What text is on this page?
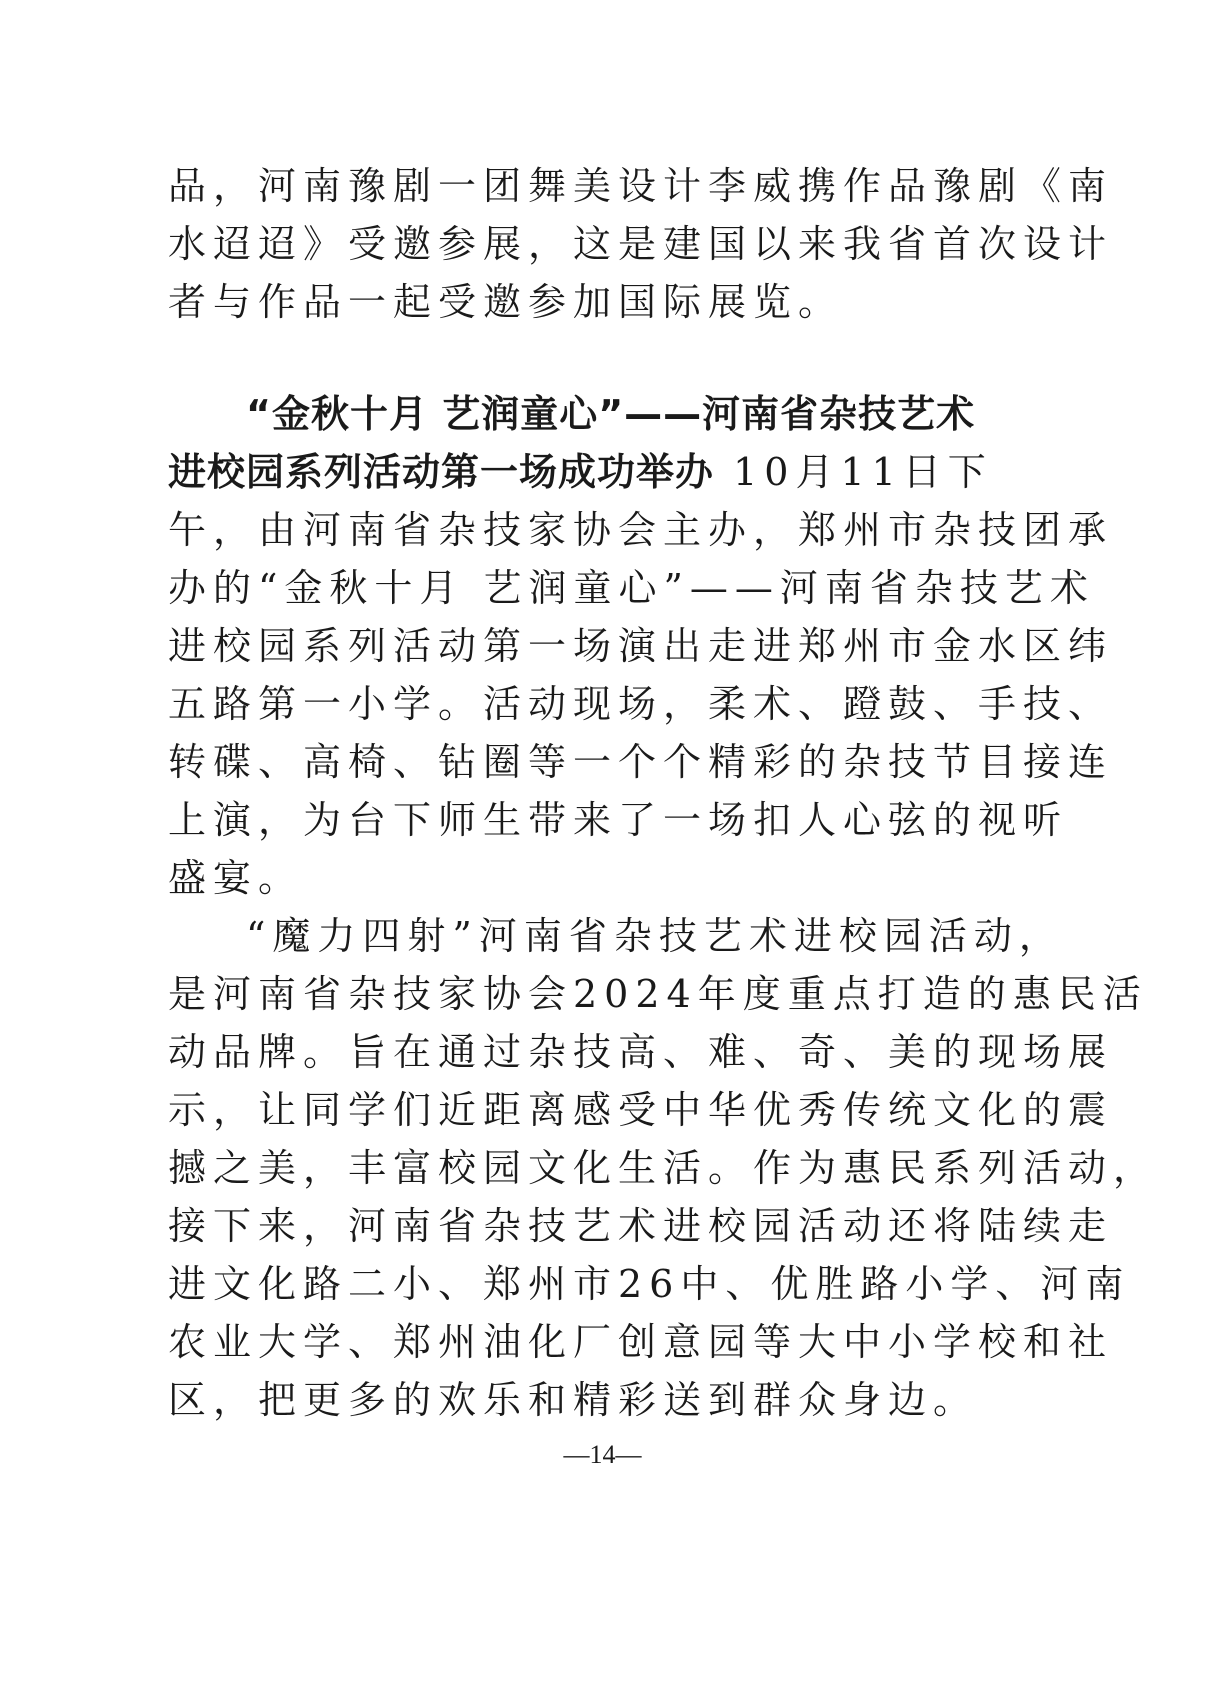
品，河南豫剧一团舞美设计李威携作品豫剧《南
水迢迢》受邀参展，这是建国以来我省首次设计
者与作品一起受邀参加国际展览。
“金秋十月 艺润童心”——河南省杂技艺术
进校园系列活动第一场成功举办 10月11日下
午，由河南省杂技家协会主办，郑州市杂技团承
办的“金秋十月 艺润童心”——河南省杂技艺术
进校园系列活动第一场演出走进郑州市金水区纬
五路第一小学。活动现场，柔术、蹬鼓、手技、
转碟、高椅、钻圈等一个个精彩的杂技节目接连
上演，为台下师生带来了一场扣人心弦的视听
盛宴。
“魔力四射”河南省杂技艺术进校园活动，
是河南省杂技家协会2024年度重点打造的惠民活
动品牌。旨在通过杂技高、难、奇、美的现场展
示，让同学们近距离感受中华优秀传统文化的震
撼之美，丰富校园文化生活。作为惠民系列活动，
接下来，河南省杂技艺术进校园活动还将陆续走
进文化路二小、郑州市26中、优胜路小学、河南
农业大学、郑州油化厂创意园等大中小学校和社
区，把更多的欢乐和精彩送到群众身边。
—14—
